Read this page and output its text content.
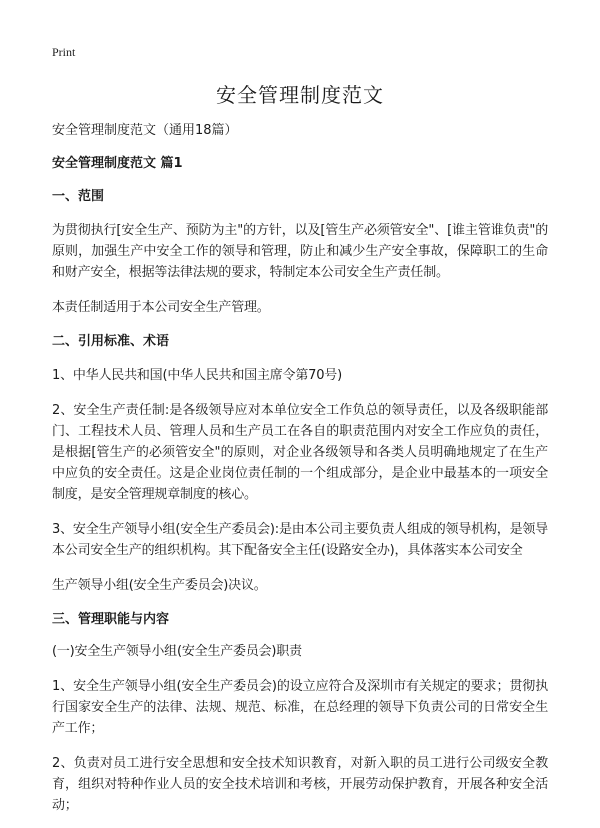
Print
安全管理制度范文
安全管理制度范文（通用18篇）
安全管理制度范文 篇1
一、范围
为贯彻执行[安全生产、预防为主"的方针，以及[管生产必须管安全"、[谁主管谁负责"的原则，加强生产中安全工作的领导和管理，防止和减少生产安全事故，保障职工的生命和财产安全，根据等法律法规的要求，特制定本公司安全生产责任制。
本责任制适用于本公司安全生产管理。
二、引用标准、术语
1、中华人民共和国(中华人民共和国主席令第70号)
2、安全生产责任制:是各级领导应对本单位安全工作负总的领导责任，以及各级职能部门、工程技术人员、管理人员和生产员工在各自的职责范围内对安全工作应负的责任，是根据[管生产的必须管安全"的原则，对企业各级领导和各类人员明确地规定了在生产中应负的安全责任。这是企业岗位责任制的一个组成部分，是企业中最基本的一项安全制度，是安全管理规章制度的核心。
3、安全生产领导小组(安全生产委员会):是由本公司主要负责人组成的领导机构，是领导本公司安全生产的组织机构。其下配备安全主任(设路安全办)，具体落实本公司安全
生产领导小组(安全生产委员会)决议。
三、管理职能与内容
(一)安全生产领导小组(安全生产委员会)职责
1、安全生产领导小组(安全生产委员会)的设立应符合及深圳市有关规定的要求；贯彻执行国家安全生产的法律、法规、规范、标准，在总经理的领导下负责公司的日常安全生产工作；
2、负责对员工进行安全思想和安全技术知识教育，对新入职的员工进行公司级安全教育，组织对特种作业人员的安全技术培训和考核，开展劳动保护教育，开展各种安全活动；
